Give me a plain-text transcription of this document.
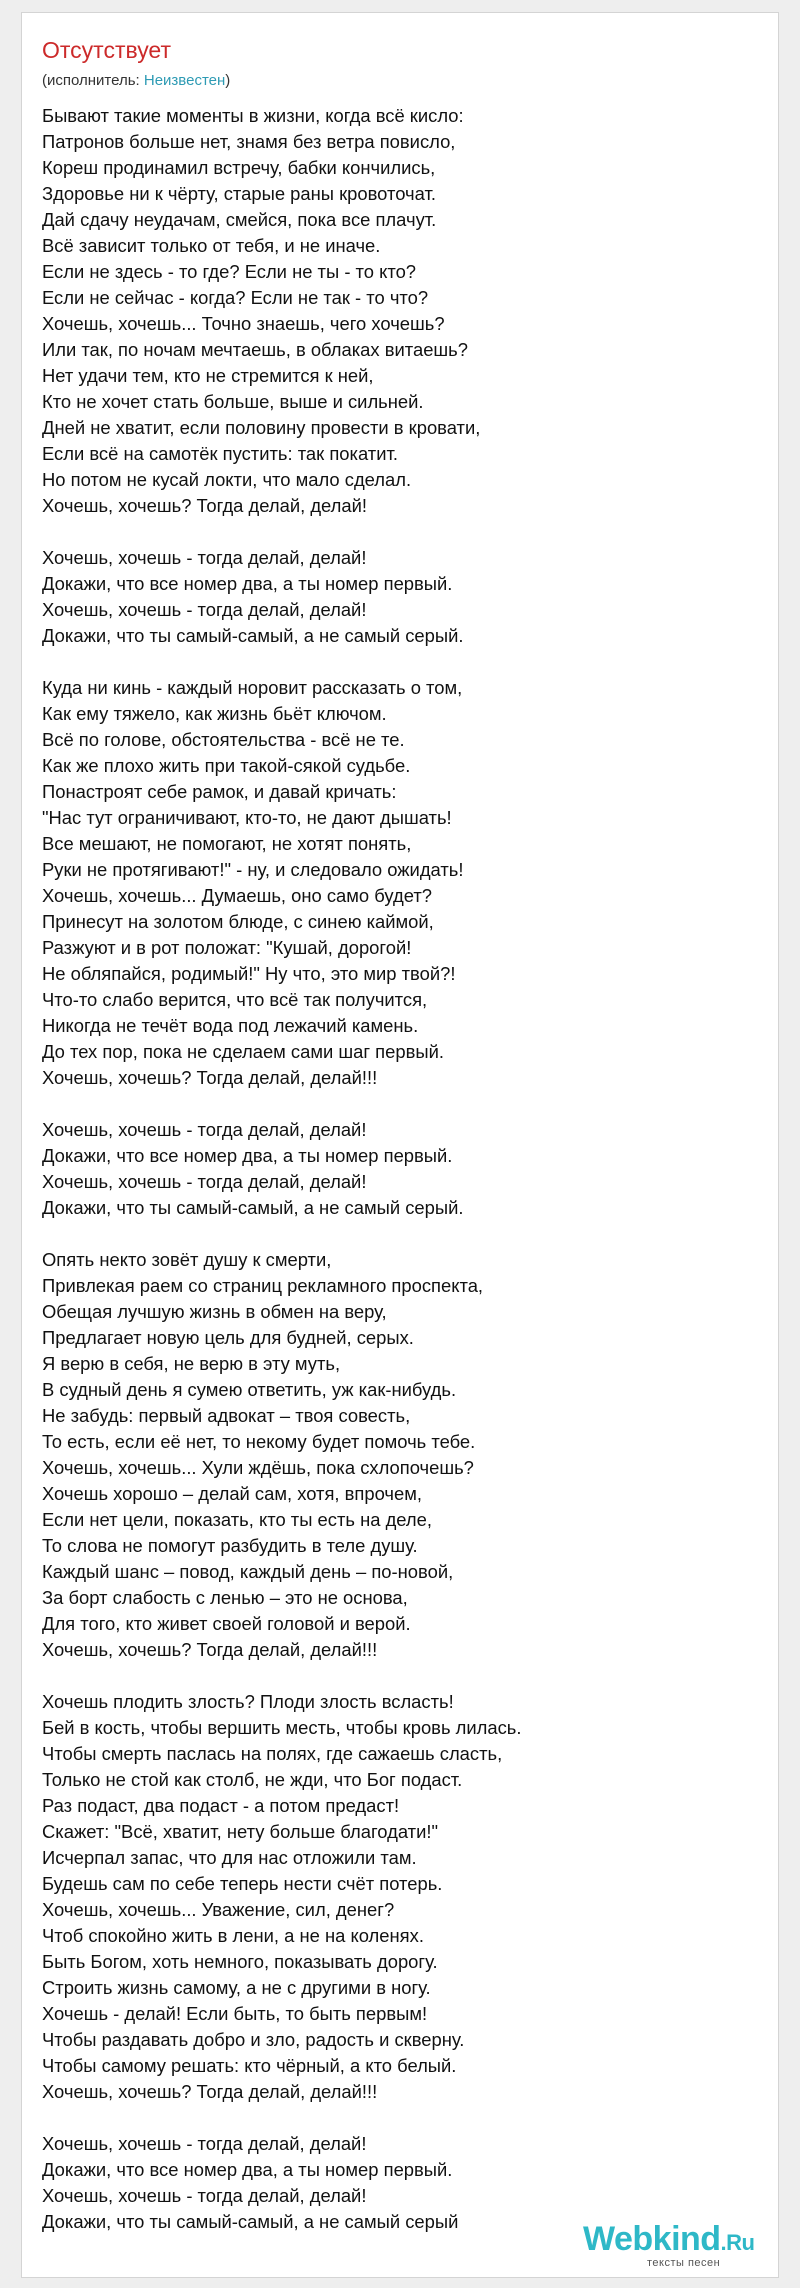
Отсутствует
(исполнитель: Неизвестен)
Бывают такие моменты в жизни, когда всё кисло:
Патронов больше нет, знамя без ветра повисло,
Кореш продинамил встречу, бабки кончились,
Здоровье ни к чёрту, старые раны кровоточат.
Дай сдачу неудачам, смейся, пока все плачут.
Всё зависит только от тебя, и не иначе.
Если не здесь - то где? Если не ты - то кто?
Если не сейчас - когда? Если не так - то что?
Хочешь, хочешь... Точно знаешь, чего хочешь?
Или так, по ночам мечтаешь, в облаках витаешь?
Нет удачи тем, кто не стремится к ней,
Кто не хочет стать больше, выше и сильней.
Дней не хватит, если половину провести в кровати,
Если всё на самотёк пустить: так покатит.
Но потом не кусай локти, что мало сделал.
Хочешь, хочешь? Тогда делай, делай!
Хочешь, хочешь - тогда делай, делай!
Докажи, что все номер два, а ты номер первый.
Хочешь, хочешь - тогда делай, делай!
Докажи, что ты самый-самый, а не самый серый.
Куда ни кинь - каждый норовит рассказать о том,
Как ему тяжело, как жизнь бьёт ключом.
Всё по голове, обстоятельства - всё не те.
Как же плохо жить при такой-сякой судьбе.
Понастроят себе рамок, и давай кричать:
"Нас тут ограничивают, кто-то, не дают дышать!
Все мешают, не помогают, не хотят понять,
Руки не протягивают!" - ну, и следовало ожидать!
Хочешь, хочешь... Думаешь, оно само будет?
Принесут на золотом блюде, с синею каймой,
Разжуют и в рот положат: "Кушай, дорогой!
Не обляпайся, родимый!" Ну что, это мир твой?!
Что-то слабо верится, что всё так получится,
Никогда не течёт вода под лежачий камень.
До тех пор, пока не сделаем сами шаг первый.
Хочешь, хочешь? Тогда делай, делай!!!
Хочешь, хочешь - тогда делай, делай!
Докажи, что все номер два, а ты номер первый.
Хочешь, хочешь - тогда делай, делай!
Докажи, что ты самый-самый, а не самый серый.
Опять некто зовёт душу к смерти,
Привлекая раем со страниц рекламного проспекта,
Обещая лучшую жизнь в обмен на веру,
Предлагает новую цель для будней, серых.
Я верю в себя, не верю в эту муть,
В судный день я сумею ответить, уж как-нибудь.
Не забудь: первый адвокат – твоя совесть,
То есть, если её нет, то некому будет помочь тебе.
Хочешь, хочешь... Хули ждёшь, пока схлопочешь?
Хочешь хорошо – делай сам, хотя, впрочем,
Если нет цели, показать, кто ты есть на деле,
То слова не помогут разбудить в теле душу.
Каждый шанс – повод, каждый день – по-новой,
За борт слабость с ленью – это не основа,
Для того, кто живет своей головой и верой.
Хочешь, хочешь? Тогда делай, делай!!!
Хочешь плодить злость? Плоди злость всласть!
Бей в кость, чтобы вершить месть, чтобы кровь лилась.
Чтобы смерть паслась на полях, где сажаешь сласть,
Только не стой как столб, не жди, что Бог подаст.
Раз подаст, два подаст - а потом предаст!
Скажет: "Всё, хватит, нету больше благодати!"
Исчерпал запас, что для нас отложили там.
Будешь сам по себе теперь нести счёт потерь.
Хочешь, хочешь... Уважение, сил, денег?
Чтоб спокойно жить в лени, а не на коленях.
Быть Богом, хоть немного, показывать дорогу.
Строить жизнь самому, а не с другими в ногу.
Хочешь - делай! Если быть, то быть первым!
Чтобы раздавать добро и зло, радость и скверну.
Чтобы самому решать: кто чёрный, а кто белый.
Хочешь, хочешь? Тогда делай, делай!!!
Хочешь, хочешь - тогда делай, делай!
Докажи, что все номер два, а ты номер первый.
Хочешь, хочешь - тогда делай, делай!
Докажи, что ты самый-самый, а не самый серый	Webkind.Ru
тексты песен
